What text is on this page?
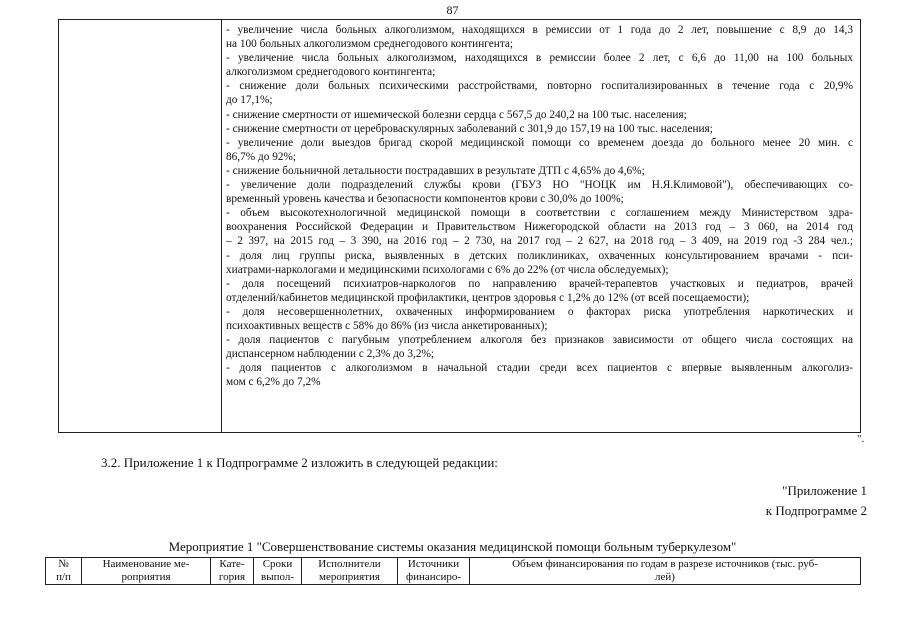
87
- увеличение числа больных алкоголизмом, находящихся в ремиссии от 1 года до 2 лет, повышение с 8,9 до 14,3
на 100 больных алкоголизмом среднегодового контингента;
- увеличение числа больных алкоголизмом, находящихся в ремиссии более 2 лет, с 6,6 до 11,00 на 100 больных
алкоголизмом среднегодового контингента;
- снижение доли больных психическими расстройствами, повторно госпитализированных в течение года с 20,9%
до 17,1%;
- снижение смертности от ишемической болезни сердца с 567,5 до 240,2 на 100 тыс. населения;
- снижение смертности от цереброваскулярных заболеваний с 301,9 до 157,19 на 100 тыс. населения;
- увеличение доли выездов бригад скорой медицинской помощи со временем доезда до больного менее 20 мин. с
86,7% до 92%;
- снижение больничной летальности пострадавших в результате ДТП с 4,65% до 4,6%;
- увеличение доли подразделений службы крови (ГБУЗ НО "НОЦК им Н.Я.Климовой"), обеспечивающих со-
временный уровень качества и безопасности компонентов крови с 30,0% до 100%;
- объем высокотехнологичной медицинской помощи в соответствии с соглашением между Министерством здра-
воохранения Российской Федерации и Правительством Нижегородской области на 2013 год – 3 060, на 2014 год
– 2 397, на 2015 год – 3 390, на 2016 год – 2 730, на 2017 год – 2 627, на 2018 год – 3 409, на 2019 год -3 284 чел.;
- доля лиц группы риска, выявленных в детских поликлиниках, охваченных консультированием врачами - пси-
хиатрами-наркологами и медицинскими психологами с 6% до 22% (от числа обследуемых);
- доля посещений психиатров-наркологов по направлению врачей-терапевтов участковых и педиатров, врачей
отделений/кабинетов медицинской профилактики, центров здоровья с 1,2% до 12% (от всей посещаемости);
- доля несовершеннолетних, охваченных информированием о факторах риска употребления наркотических и
психоактивных веществ с 58% до 86% (из числа анкетированных);
- доля пациентов с пагубным употреблением алкоголя без признаков зависимости от общего числа состоящих на
диспансерном наблюдении с 2,3% до 3,2%;
- доля пациентов с алкоголизмом в начальной стадии среди всех пациентов с впервые выявленным алкоголиз-
мом с 6,2% до 7,2%
".
3.2. Приложение 1 к Подпрограмме 2 изложить в следующей редакции:
"Приложение 1
к Подпрограмме 2
Мероприятие 1 "Совершенствование системы оказания медицинской помощи больным туберкулезом"
№
п/п

Наименование ме-
роприятия

Кате-
гория

Сроки
выпол-

Исполнители
мероприятия

Источники
финансиро-

Объем финансирования по годам в разрезе источников (тыс. руб-
лей)
